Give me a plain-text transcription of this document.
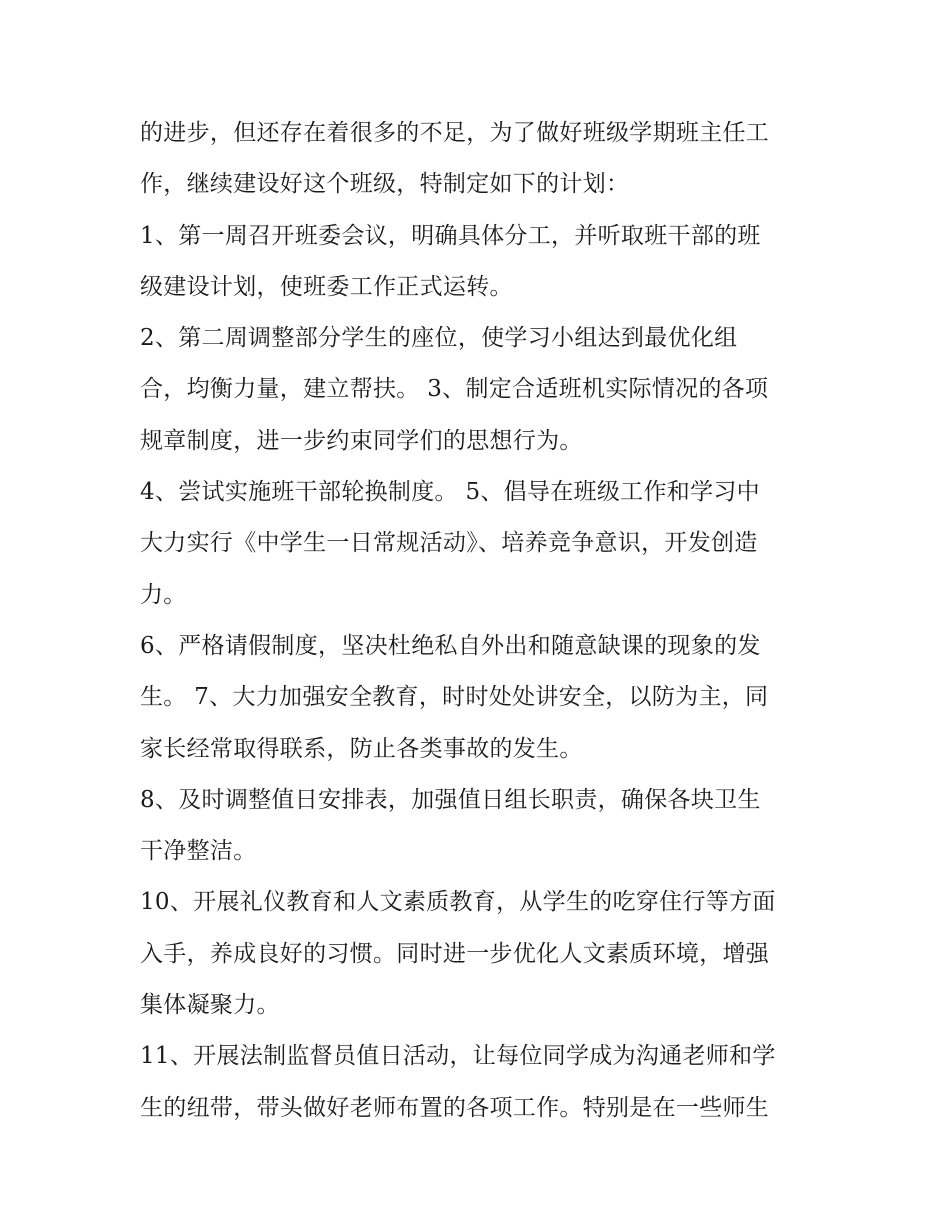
的进步，但还存在着很多的不足，为了做好班级学期班主任工
作，继续建设好这个班级，特制定如下的计划：
1、第一周召开班委会议，明确具体分工，并听取班干部的班
级建设计划，使班委工作正式运转。
2、第二周调整部分学生的座位，使学习小组达到最优化组
合，均衡力量，建立帮扶。 3、制定合适班机实际情况的各项
规章制度，进一步约束同学们的思想行为。
4、尝试实施班干部轮换制度。 5、倡导在班级工作和学习中
大力实行《中学生一日常规活动》、培养竞争意识，开发创造
力。
6、严格请假制度，坚决杜绝私自外出和随意缺课的现象的发
生。 7、大力加强安全教育，时时处处讲安全，以防为主，同
家长经常取得联系，防止各类事故的发生。
8、及时调整值日安排表，加强值日组长职责，确保各块卫生
干净整洁。
10、开展礼仪教育和人文素质教育，从学生的吃穿住行等方面
入手，养成良好的习惯。同时进一步优化人文素质环境，增强
集体凝聚力。
11、开展法制监督员值日活动，让每位同学成为沟通老师和学
生的纽带，带头做好老师布置的各项工作。特别是在一些师生
